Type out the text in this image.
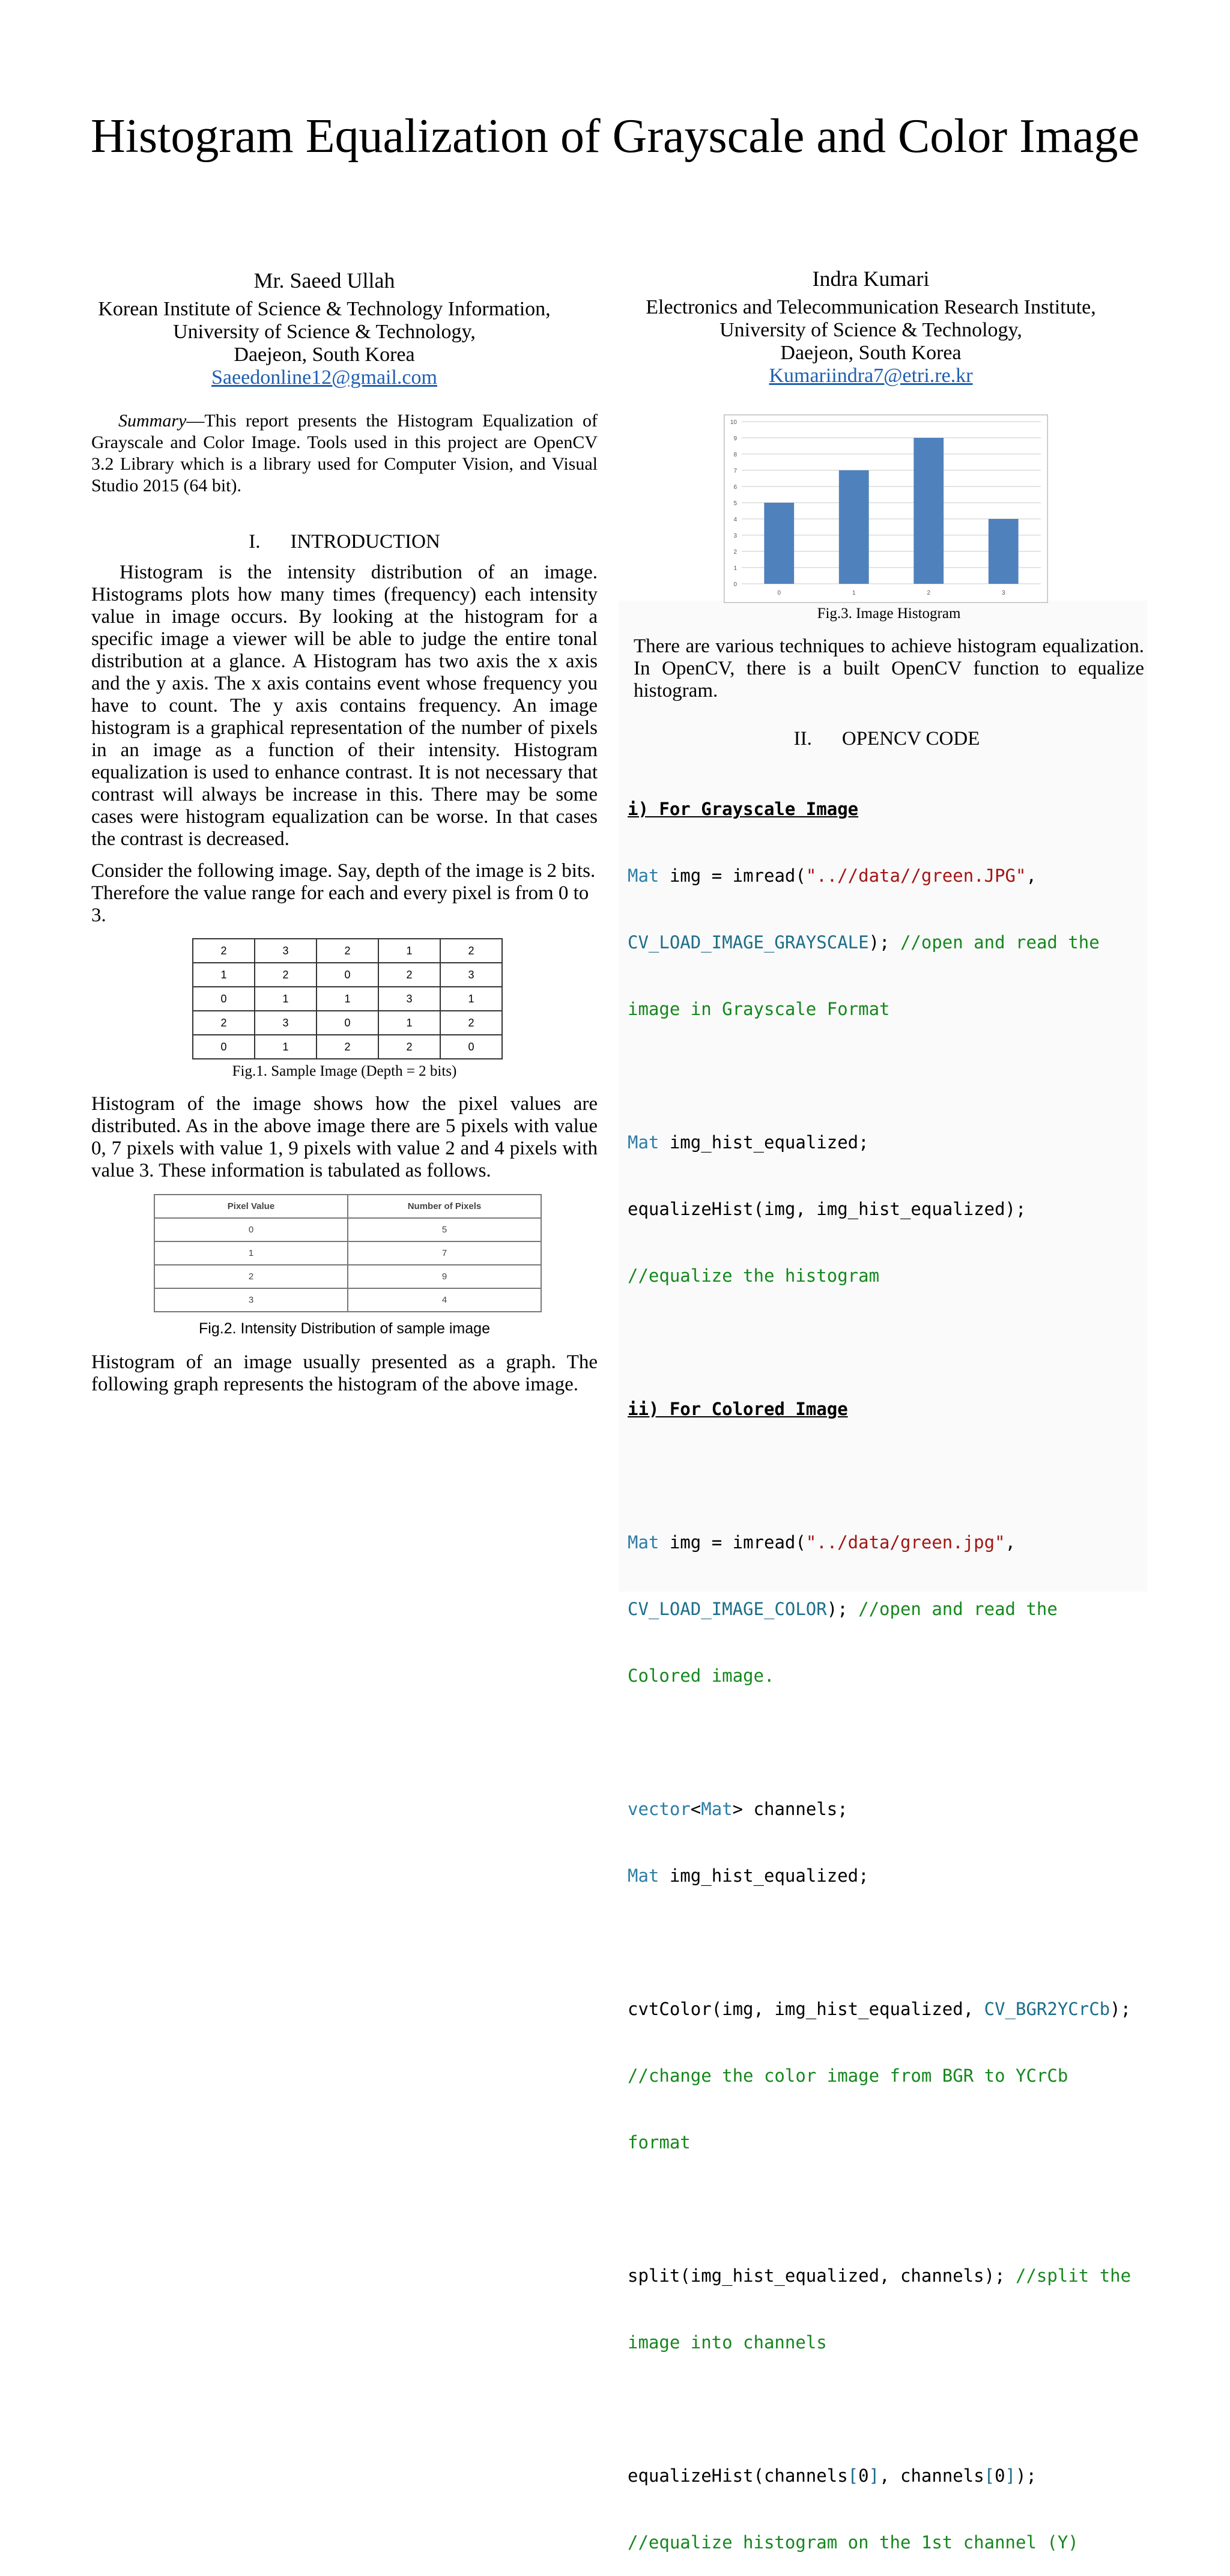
Histogram Equalization of Grayscale and Color Image
Mr. Saeed Ullah
Korean Institute of Science & Technology Information,
University of Science & Technology,
Daejeon, South Korea
Saeedonline12@gmail.com
Indra Kumari
Electronics and Telecommunication Research Institute,
University of Science & Technology,
Daejeon, South Korea
Kumariindra7@etri.re.kr
Summary—This report presents the Histogram Equalization of Grayscale and Color Image. Tools used in this project are OpenCV 3.2 Library which is a library used for Computer Vision, and Visual Studio 2015 (64 bit).
I. INTRODUCTION
Histogram is the intensity distribution of an image. Histograms plots how many times (frequency) each intensity value in image occurs. By looking at the histogram for a specific image a viewer will be able to judge the entire tonal distribution at a glance. A Histogram has two axis the x axis and the y axis. The x axis contains event whose frequency you have to count. The y axis contains frequency. An image histogram is a graphical representation of the number of pixels in an image as a function of their intensity. Histogram equalization is used to enhance contrast. It is not necessary that contrast will always be increase in this. There may be some cases were histogram equalization can be worse. In that cases the contrast is decreased.
Consider the following image. Say, depth of the image is 2 bits. Therefore the value range for each and every pixel is from 0 to 3.
2	3	2	1	2
1	2	0	2	3
0	1	1	3	1
2	3	0	1	2
0	1	2	2	0
Fig.1. Sample Image (Depth = 2 bits)
Histogram of the image shows how the pixel values are distributed. As in the above image there are 5 pixels with value 0, 7 pixels with value 1, 9 pixels with value 2 and 4 pixels with value 3. These information is tabulated as follows.
Pixel Value	Number of Pixels
0	5
1	7
2	9
3	4
Fig.2. Intensity Distribution of sample image
Histogram of an image usually presented as a graph. The following graph represents the histogram of the above image.
0
1
2
3
4
5
6
7
8
9
10
0	1	2	3
Fig.3. Image Histogram
There are various techniques to achieve histogram equalization. In OpenCV, there is a built OpenCV function to equalize histogram.
II. OPENCV CODE

i) For Grayscale Image

Mat img = imread("..//data//green.JPG",

CV_LOAD_IMAGE_GRAYSCALE); //open and read the

image in Grayscale Format

Mat img_hist_equalized;

equalizeHist(img, img_hist_equalized);

//equalize the histogram

ii) For Colored Image

Mat img = imread("../data/green.jpg",

CV_LOAD_IMAGE_COLOR); //open and read the

Colored image.

vector<Mat> channels;

Mat img_hist_equalized;

cvtColor(img, img_hist_equalized, CV_BGR2YCrCb);

//change the color image from BGR to YCrCb

format

split(img_hist_equalized, channels); //split the

image into channels

equalizeHist(channels[0], channels[0]);

//equalize histogram on the 1st channel (Y)
